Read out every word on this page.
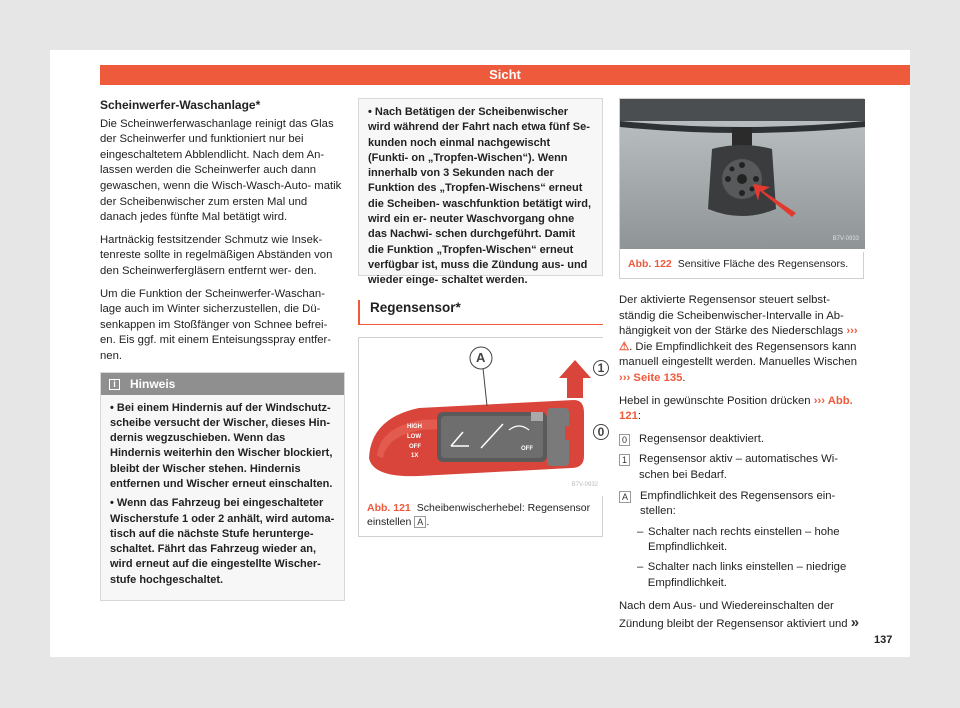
Sicht
Scheinwerfer-Waschanlage*

Die Scheinwerferwaschanlage reinigt das Glas der Scheinwerfer und funktioniert nur bei eingeschaltetem Abblendlicht. Nach dem An- lassen werden die Scheinwerfer auch dann gewaschen, wenn die Wisch-Wasch-Auto- matik der Scheibenwischer zum ersten Mal und danach jedes fünfte Mal betätigt wird.

Hartnäckig festsitzender Schmutz wie Insek- tenreste sollte in regelmäßigen Abständen von den Scheinwerfergläsern entfernt wer- den.

Um die Funktion der Scheinwerfer-Waschan- lage auch im Winter sicherzustellen, die Dü- senkappen im Stoßfänger von Schnee befrei- en. Eis ggf. mit einem Enteisungsspray entfer- nen.

i Hinweis
• Bei einem Hindernis auf der Windschutz- scheibe versucht der Wischer, dieses Hin- dernis wegzuschieben. Wenn das Hindernis weiterhin den Wischer blockiert, bleibt der Wischer stehen. Hindernis entfernen und Wischer erneut einschalten.
• Wenn das Fahrzeug bei eingeschalteter Wischerstufe 1 oder 2 anhält, wird automa- tisch auf die nächste Stufe herunterge- schaltet. Fährt das Fahrzeug wieder an, wird erneut auf die eingestellte Wischer- stufe hochgeschaltet.
• Nach Betätigen der Scheibenwischer wird während der Fahrt nach etwa fünf Se- kunden noch einmal nachgewischt (Funkti- on „Tropfen-Wischen“). Wenn innerhalb von 3 Sekunden nach der Funktion des „Tropfen-Wischens“ erneut die Scheiben- waschfunktion betätigt wird, wird ein er- neuter Waschvorgang ohne das Nachwi- schen durchgeführt. Damit die Funktion „Tropfen-Wischen“ erneut verfügbar ist, muss die Zündung aus- und wieder einge- schaltet werden.
Regensensor*
A
1
0
HIGH
LOW
OFF
1X
OFF
B7V-0932
Abb. 121 Scheibenwischerhebel: Regensensor einstellen A .
B7V-0933
Abb. 122 Sensitive Fläche des Regensensors.

Der aktivierte Regensensor steuert selbst- ständig die Scheibenwischer-Intervalle in Ab- hängigkeit von der Stärke des Niederschlags ››› ⚠. Die Empfindlichkeit des Regensensors kann manuell eingestellt werden. Manuelles Wischen ››› Seite 135.

Hebel in gewünschte Position drücken ››› Abb. 121:

0 Regensensor deaktiviert.
1 Regensensor aktiv – automatisches Wi- schen bei Bedarf.
A Empfindlichkeit des Regensensors ein- stellen:
– Schalter nach rechts einstellen – hohe Empfindlichkeit.
– Schalter nach links einstellen – niedrige Empfindlichkeit.

Nach dem Aus- und Wiedereinschalten der Zündung bleibt der Regensensor aktiviert und »

137
